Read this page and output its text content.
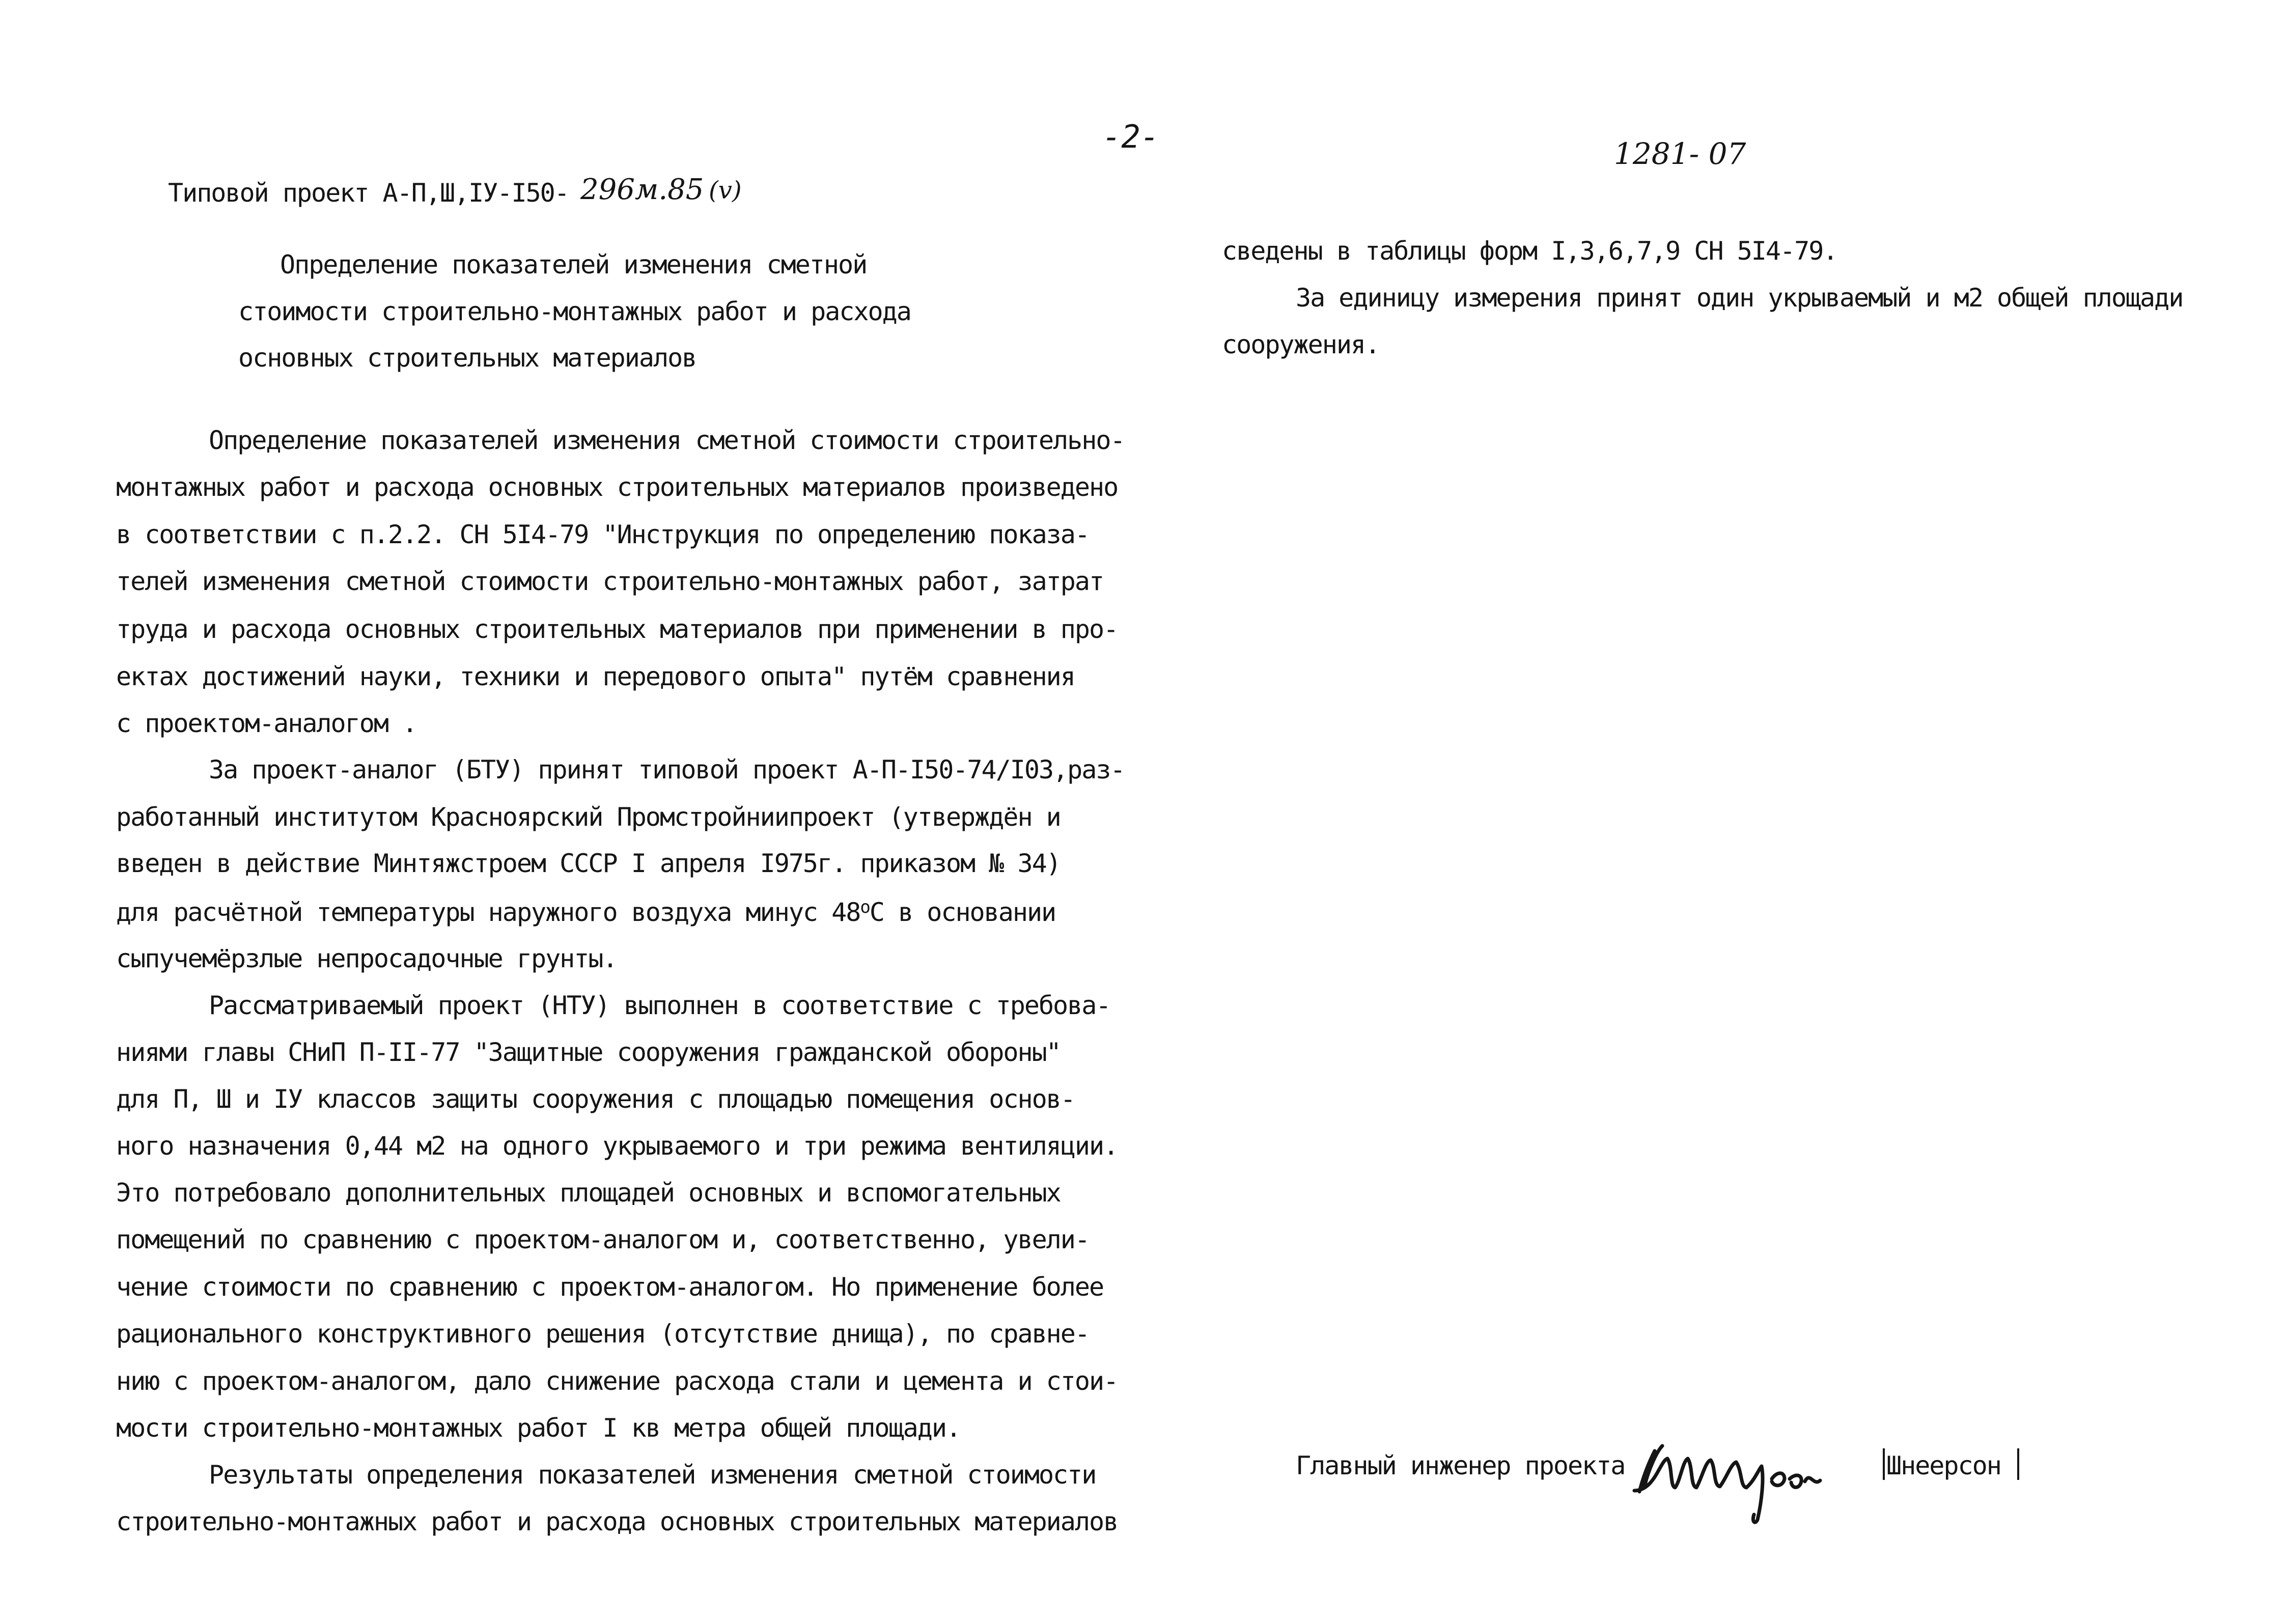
-2-	1281- 07
Типовой проект А-П,Ш,IУ-I50- 296м.85 (v)
Определение показателей изменения сметной
стоимости строительно-монтажных работ и расхода
основных строительных материалов
Определение показателей изменения сметной стоимости строительно-
монтажных работ и расхода основных строительных материалов произведено
в соответствии с п.2.2. СН 5I4-79 "Инструкция по определению показа-
телей изменения сметной стоимости строительно-монтажных работ, затрат
труда и расхода основных строительных материалов при применении в про-
ектах достижений науки, техники и передового опыта" путём сравнения
с проектом-аналогом .
За проект-аналог (БТУ) принят типовой проект А-П-I50-74/I03,раз-
работанный институтом Красноярский Промстройниипроект (утверждён и
введен в действие Минтяжстроем СССР I апреля I975г. приказом № 34)
для расчётной температуры наружного воздуха минус $48^оС$ в основании
сыпучемёрзлые непросадочные грунты.
Рассматриваемый проект (НТУ) выполнен в соответствие с требова-
ниями главы СНиП П-II-77 "Защитные сооружения гражданской обороны"
для П, Ш и IУ классов защиты сооружения с площадью помещения основ-
ного назначения 0,44 м2 на одного укрываемого и три режима вентиляции.
Это потребовало дополнительных площадей основных и вспомогательных
помещений по сравнению с проектом-аналогом и, соответственно, увели-
чение стоимости по сравнению с проектом-аналогом. Но применение более
рационального конструктивного решения (отсутствие днища), по сравне-
нию с проектом-аналогом, дало снижение расхода стали и цемента и стои-
мости строительно-монтажных работ I кв метра общей площади.
Результаты определения показателей изменения сметной стоимости
строительно-монтажных работ и расхода основных строительных материалов
сведены в таблицы форм I,3,6,7,9 СН 5I4-79.
За единицу измерения принят один укрываемый и м2 общей площади
сооружения.
Главный инженер проекта	Шнеерсон
